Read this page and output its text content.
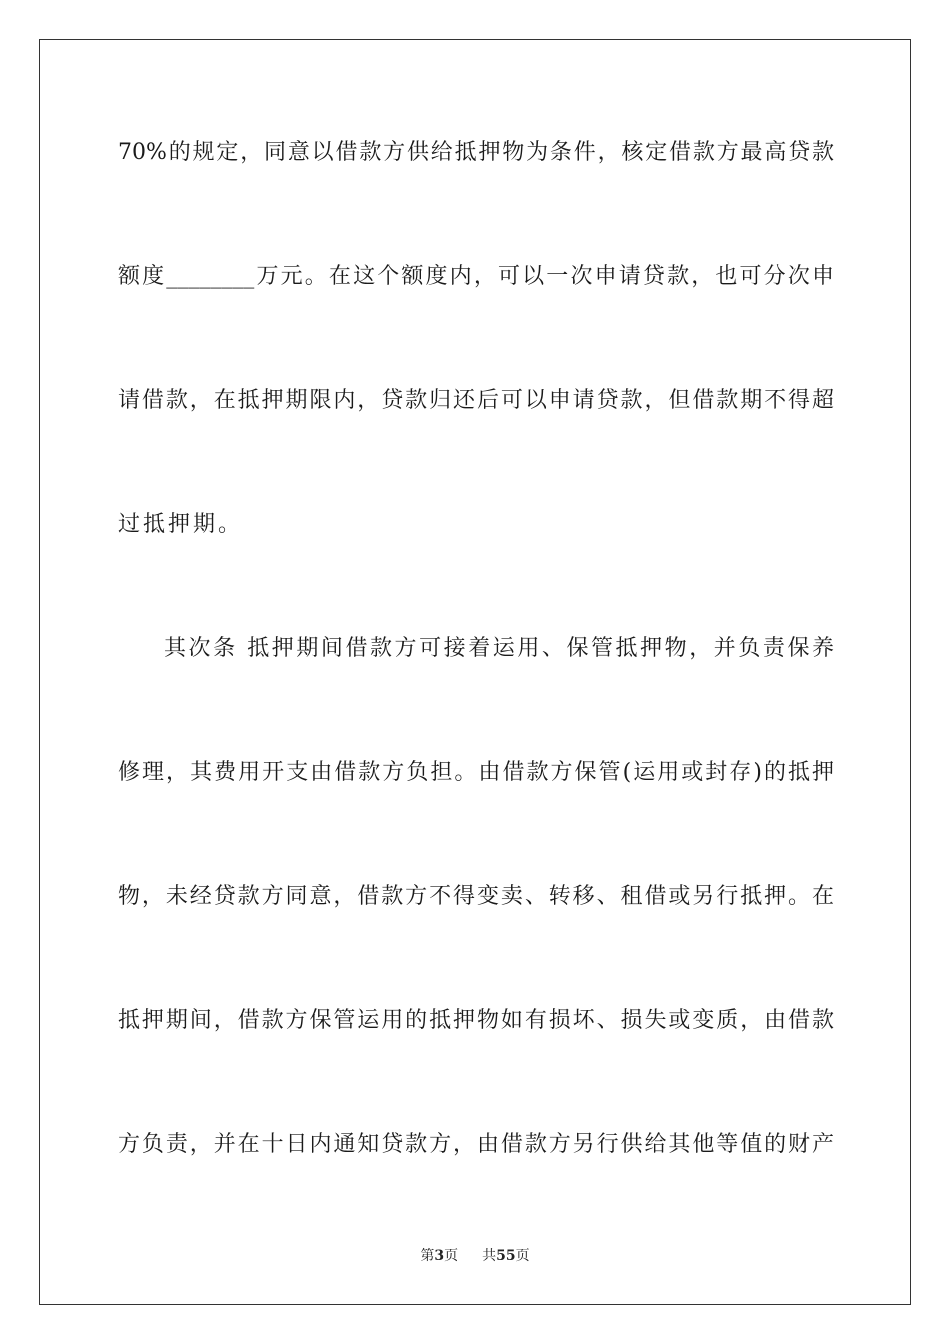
70%的规定，同意以借款方供给抵押物为条件，核定借款方最高贷款
额度________万元。在这个额度内，可以一次申请贷款，也可分次申
请借款，在抵押期限内，贷款归还后可以申请贷款，但借款期不得超
过抵押期。
其次条 抵押期间借款方可接着运用、保管抵押物，并负责保养
修理，其费用开支由借款方负担。由借款方保管(运用或封存)的抵押
物，未经贷款方同意，借款方不得变卖、转移、租借或另行抵押。在
抵押期间，借款方保管运用的抵押物如有损坏、损失或变质，由借款
方负责，并在十日内通知贷款方，由借款方另行供给其他等值的财产
第3页 共55页
